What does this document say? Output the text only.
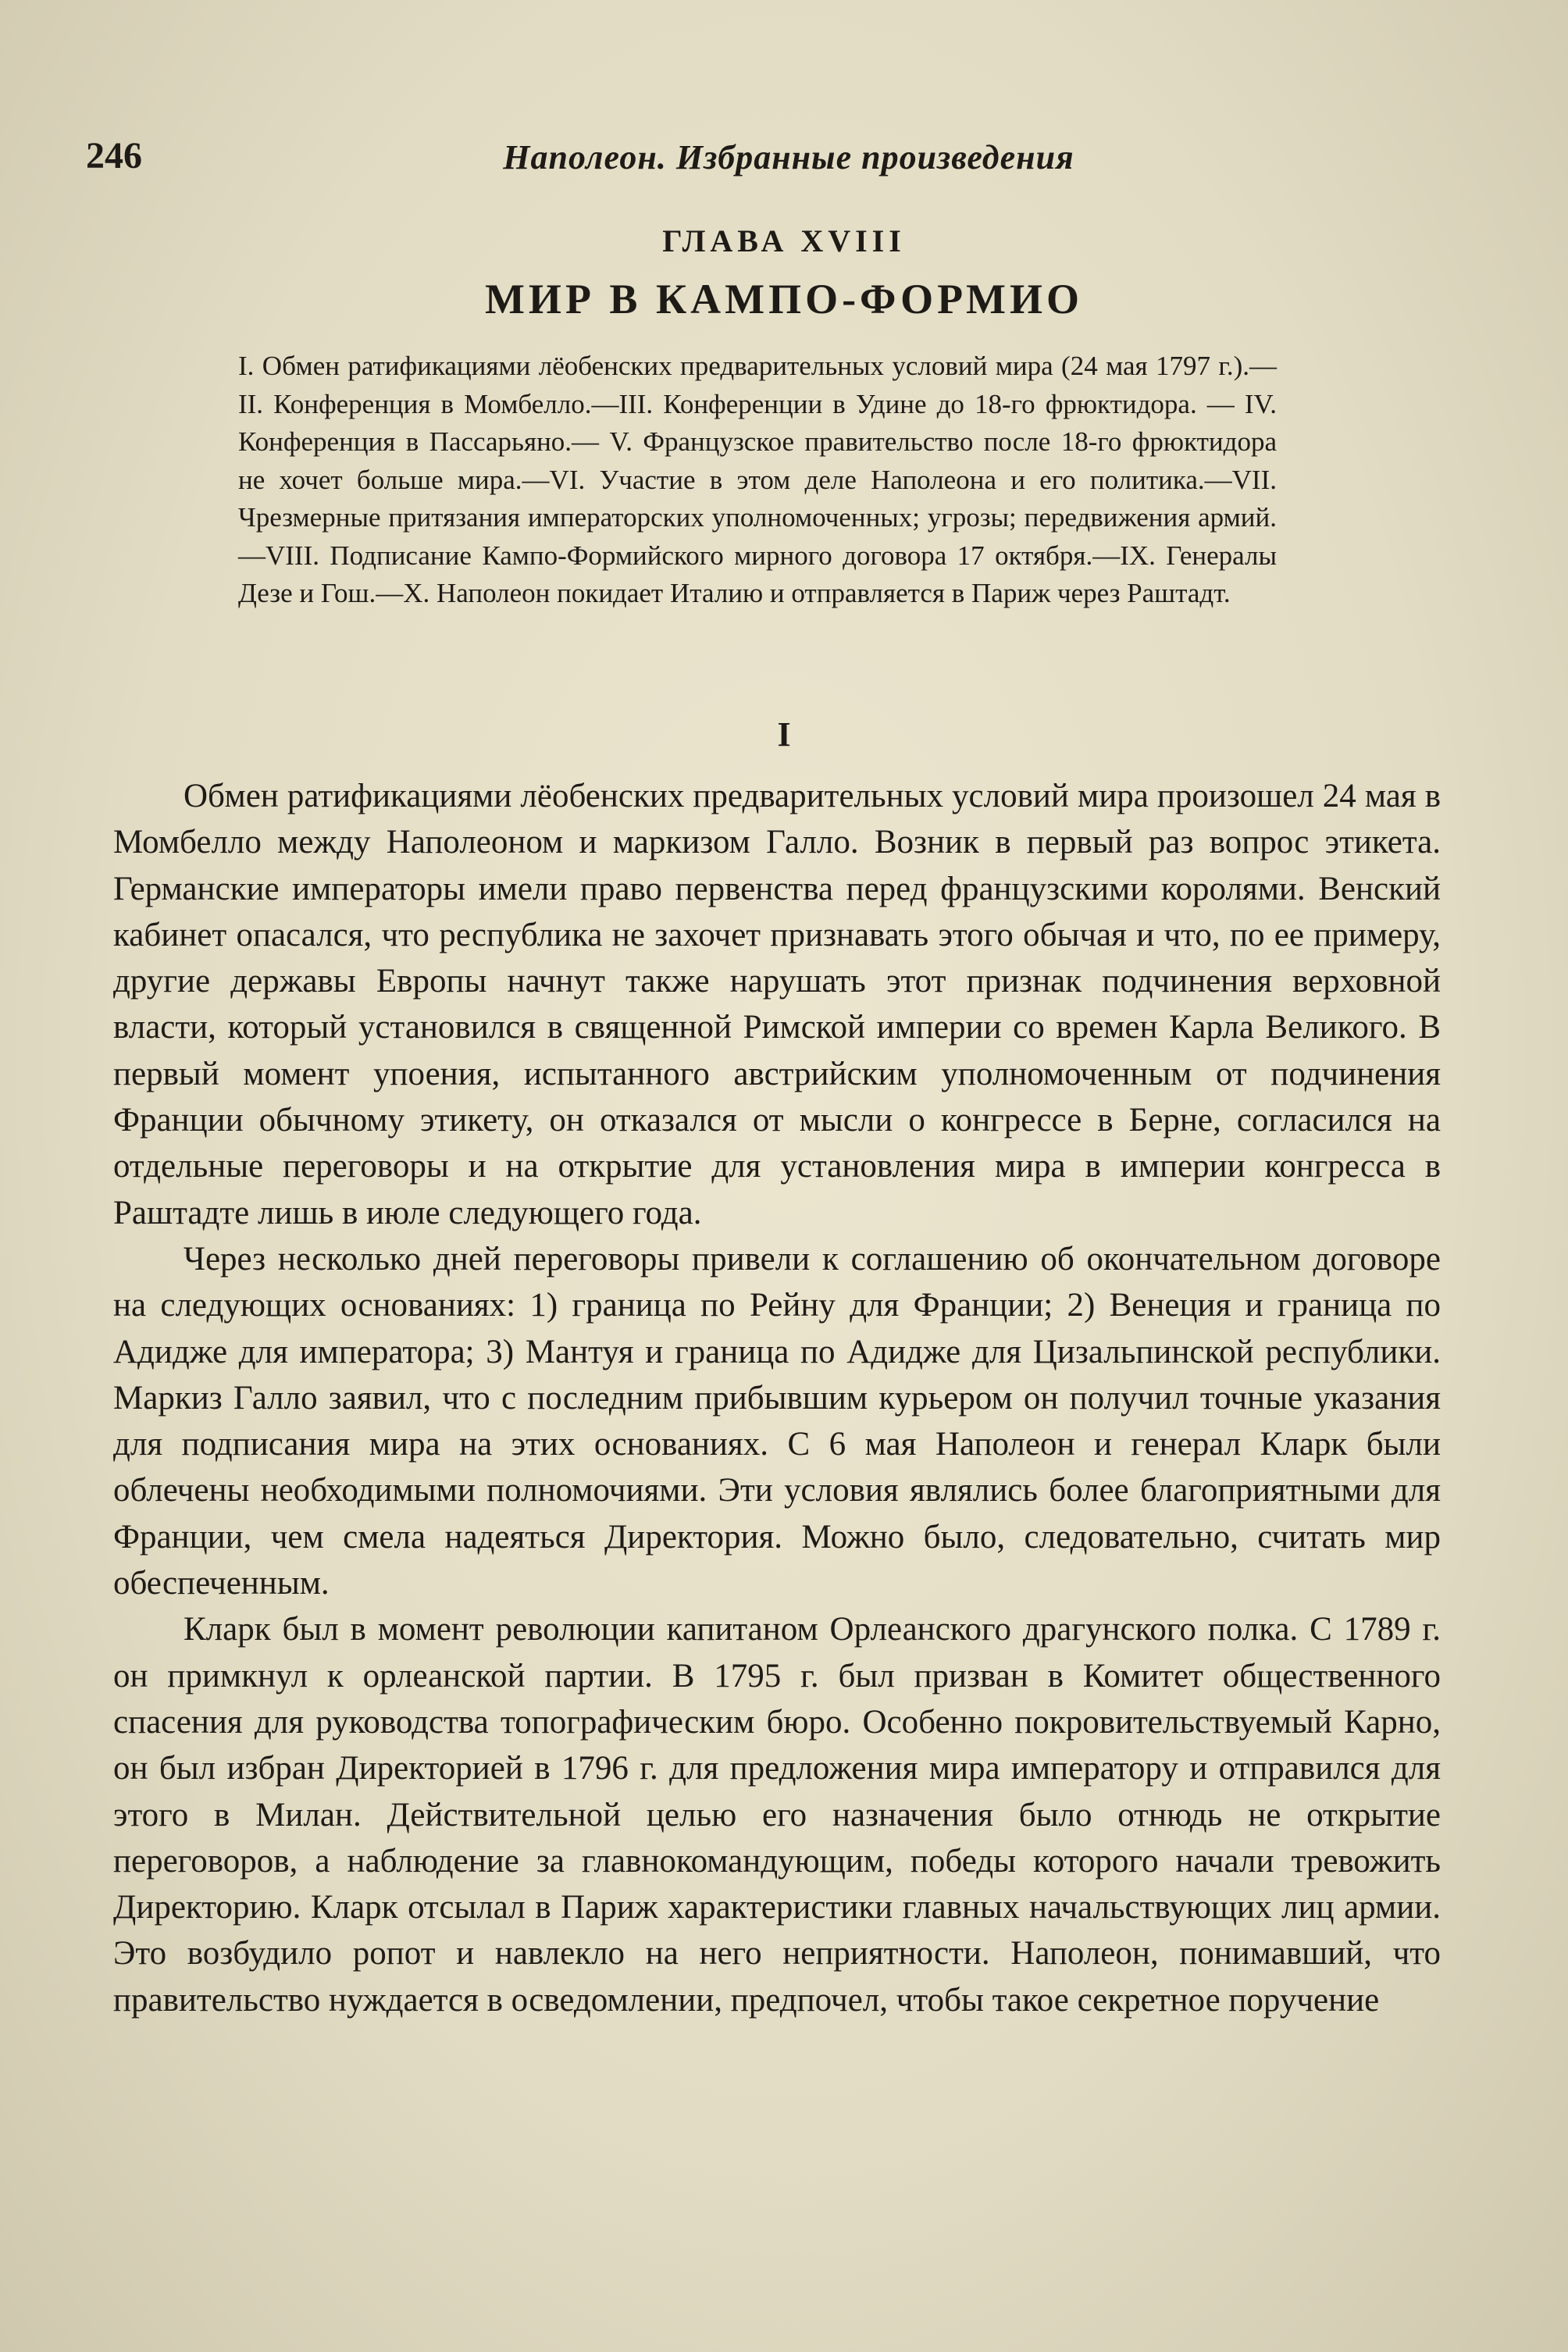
246	Наполеон. Избранные произведения
ГЛАВА XVIII
МИР В КАМПО-ФОРМИО
I. Обмен ратификациями лёобенских предварительных условий мира (24 мая 1797 г.).—II. Конференция в Момбелло.—III. Конференции в Удине до 18-го фрюктидора. — IV. Конференция в Пассарьяно.— V. Французское правительство после 18-го фрюктидора не хочет больше мира.—VI. Участие в этом деле Наполеона и его политика.—VII. Чрезмерные притязания императорских уполномоченных; угрозы; передвижения армий.—VIII. Подписание Кампо-Формийского мирного договора 17 октября.—IX. Генералы Дезе и Гош.—X. Наполеон покидает Италию и отправляется в Париж через Раштадт.
I

Обмен ратификациями лёобенских предварительных условий мира произошел 24 мая в Момбелло между Наполеоном и маркизом Галло. Возник в первый раз вопрос этикета. Германские императоры имели право первенства перед французскими королями. Венский кабинет опасался, что республика не захочет признавать этого обычая и что, по ее примеру, другие державы Европы начнут также нарушать этот признак подчинения верховной власти, который установился в священной Римской империи со времен Карла Великого. В первый момент упоения, испытанного австрийским уполномоченным от подчинения Франции обычному этикету, он отказался от мысли о конгрессе в Берне, согласился на отдельные переговоры и на открытие для установления мира в империи конгресса в Раштадте лишь в июле следующего года.

Через несколько дней переговоры привели к соглашению об окончательном договоре на следующих основаниях: 1) граница по Рейну для Франции; 2) Венеция и граница по Адидже для императора; 3) Мантуя и граница по Адидже для Цизальпинской республики. Маркиз Галло заявил, что с последним прибывшим курьером он получил точные указания для подписания мира на этих основаниях. С 6 мая Наполеон и генерал Кларк были облечены необходимыми полномочиями. Эти условия являлись более благоприятными для Франции, чем смела надеяться Директория. Можно было, следовательно, считать мир обеспеченным.

Кларк был в момент революции капитаном Орлеанского драгунского полка. С 1789 г. он примкнул к орлеанской партии. В 1795 г. был призван в Комитет общественного спасения для руководства топографическим бюро. Особенно покровительствуемый Карно, он был избран Директорией в 1796 г. для предложения мира императору и отправился для этого в Милан. Действительной целью его назначения было отнюдь не открытие переговоров, а наблюдение за главнокомандующим, победы которого начали тревожить Директорию. Кларк отсылал в Париж характеристики главных начальствующих лиц армии. Это возбудило ропот и навлекло на него неприятности. Наполеон, понимавший, что правительство нуждается в осведомлении, предпочел, чтобы такое секретное поручение
